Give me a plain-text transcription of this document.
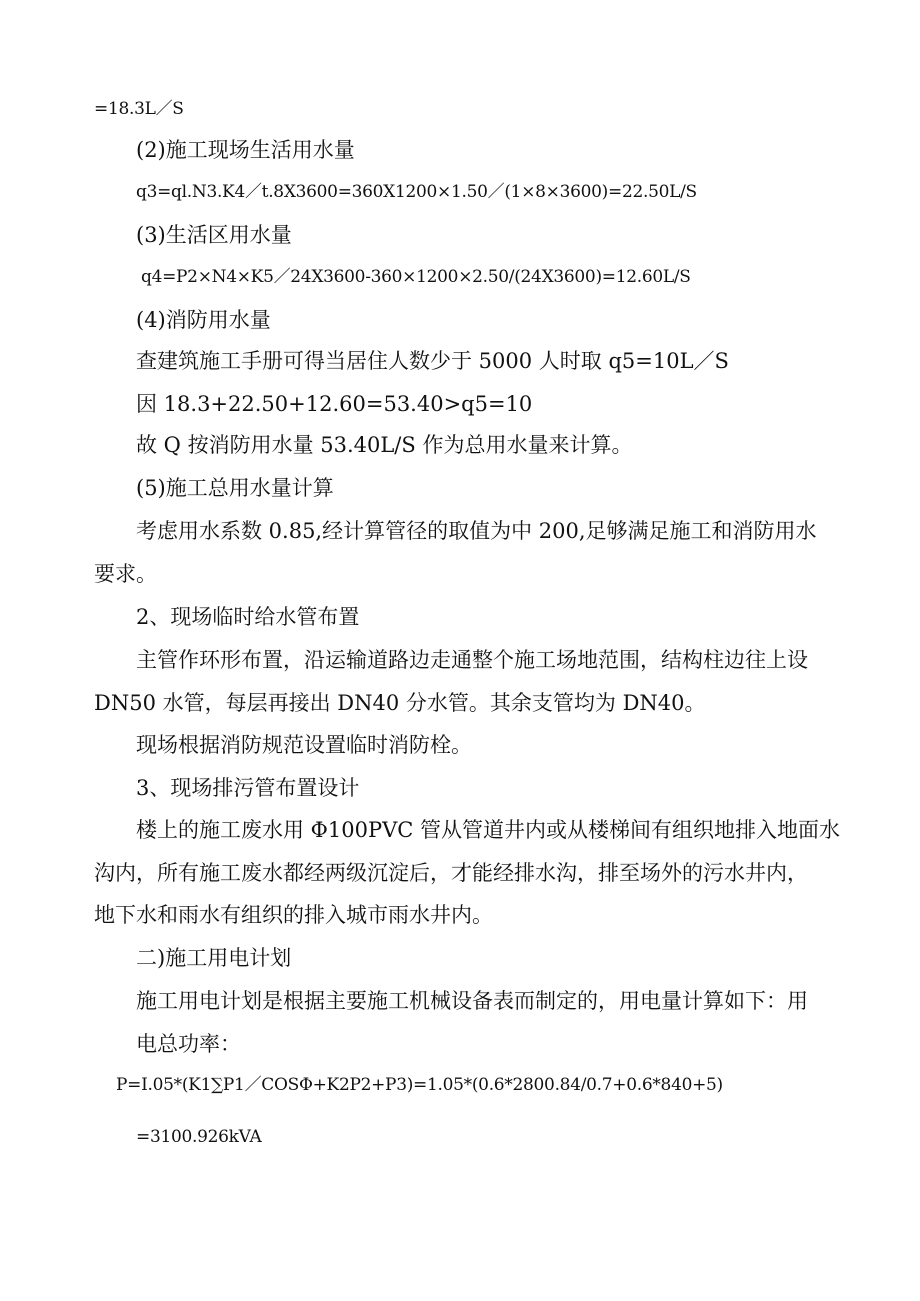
=18.3L／S
(2)施工现场生活用水量
q3=ql.N3.K4／t.8X3600=360X1200×1.50／(1×8×3600)=22.50L/S
(3)生活区用水量
q4=P2×N4×K5／24X3600-360×1200×2.50/(24X3600)=12.60L/S
(4)消防用水量
查建筑施工手册可得当居住人数少于 5000 人时取 q5=10L／S
因 18.3+22.50+12.60=53.40>q5=10
故 Q 按消防用水量 53.40L/S 作为总用水量来计算。
(5)施工总用水量计算
考虑用水系数 0.85,经计算管径的取值为中 200,足够满足施工和消防用水
要求。
2、现场临时给水管布置
主管作环形布置，沿运输道路边走通整个施工场地范围，结构柱边往上设
DN50 水管，每层再接出 DN40 分水管。其余支管均为 DN40。
现场根据消防规范设置临时消防栓。
3、现场排污管布置设计
楼上的施工废水用 Φ100PVC 管从管道井内或从楼梯间有组织地排入地面水
沟内，所有施工废水都经两级沉淀后，才能经排水沟，排至场外的污水井内，
地下水和雨水有组织的排入城市雨水井内。
二)施工用电计划
施工用电计划是根据主要施工机械设备表而制定的，用电量计算如下：用
电总功率：
P=I.05*(K1∑P1／COSΦ+K2P2+P3)=1.05*(0.6*2800.84/0.7+0.6*840+5)
=3100.926kVA
